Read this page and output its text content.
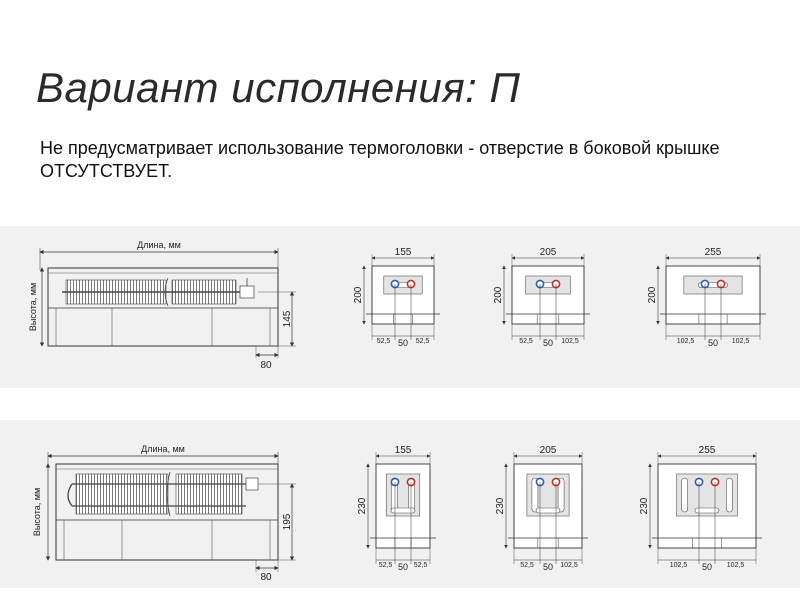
Вариант исполнения: П
Не предусматривает использование термоголовки - отверстие в боковой крышке ОТСУТСТВУЕТ.
Длина, мм
Высота, мм	145
80
Длина, мм
Высота, мм	195
80
155
200
52,5 50 52,5
205
200
52,5 50 102,5
255
200
102,5 50 102,5
155
230
52,5 50 52,5
205
230
52,5 50 102,5
255
230
102,5 50 102,5
